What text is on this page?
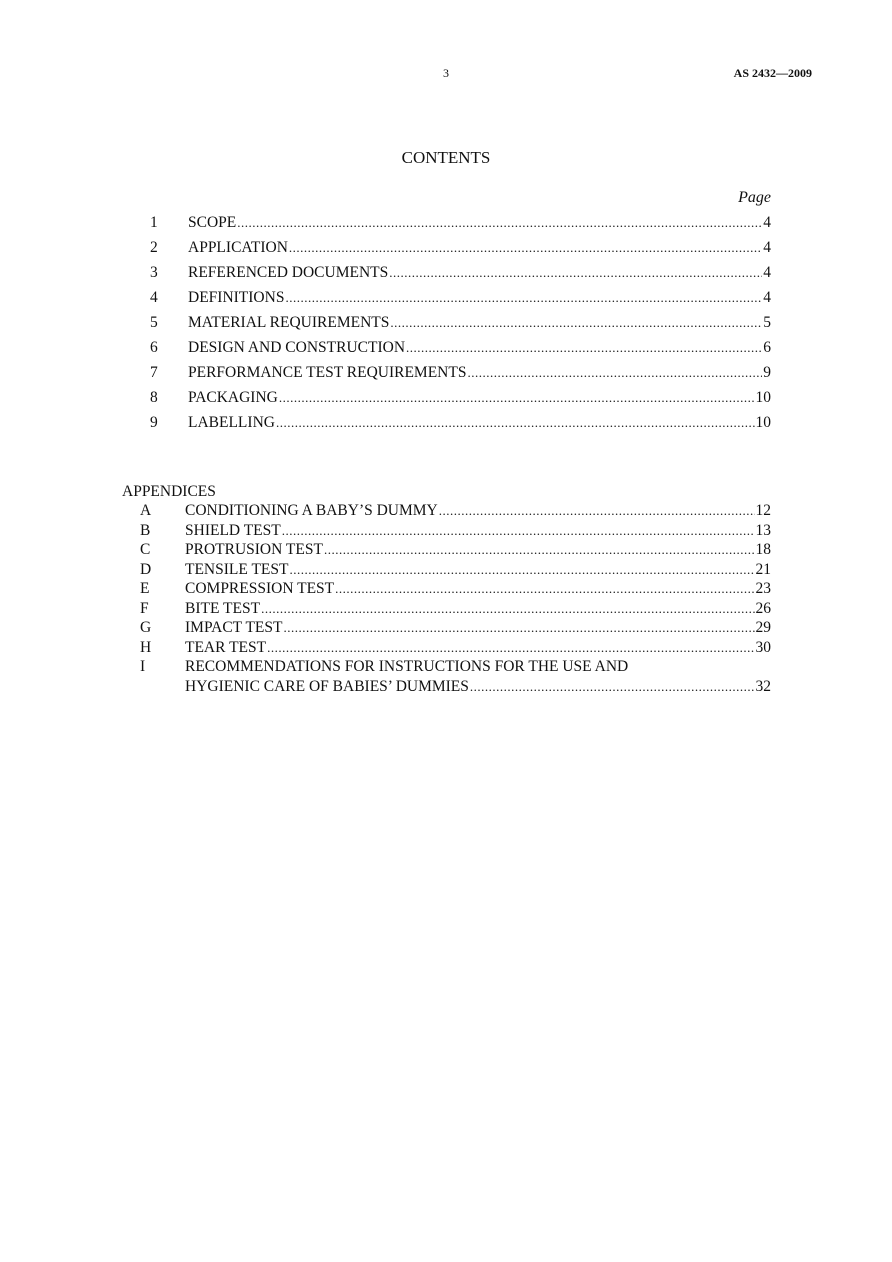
3	AS 2432—2009
CONTENTS
Page
1	SCOPE .....	4
2	APPLICATION .....	4
3	REFERENCED DOCUMENTS .....	4
4	DEFINITIONS .....	4
5	MATERIAL REQUIREMENTS .....	5
6	DESIGN AND CONSTRUCTION .....	6
7	PERFORMANCE TEST REQUIREMENTS .....	9
8	PACKAGING .....	10
9	LABELLING .....	10
APPENDICES
A	CONDITIONING A BABY’S DUMMY .....	12
B	SHIELD TEST .....	13
C	PROTRUSION TEST .....	18
D	TENSILE TEST .....	21
E	COMPRESSION TEST .....	23
F	BITE TEST .....	26
G	IMPACT TEST .....	29
H	TEAR TEST .....	30
I	RECOMMENDATIONS FOR INSTRUCTIONS FOR THE USE AND
HYGIENIC CARE OF BABIES’ DUMMIES .....	32
